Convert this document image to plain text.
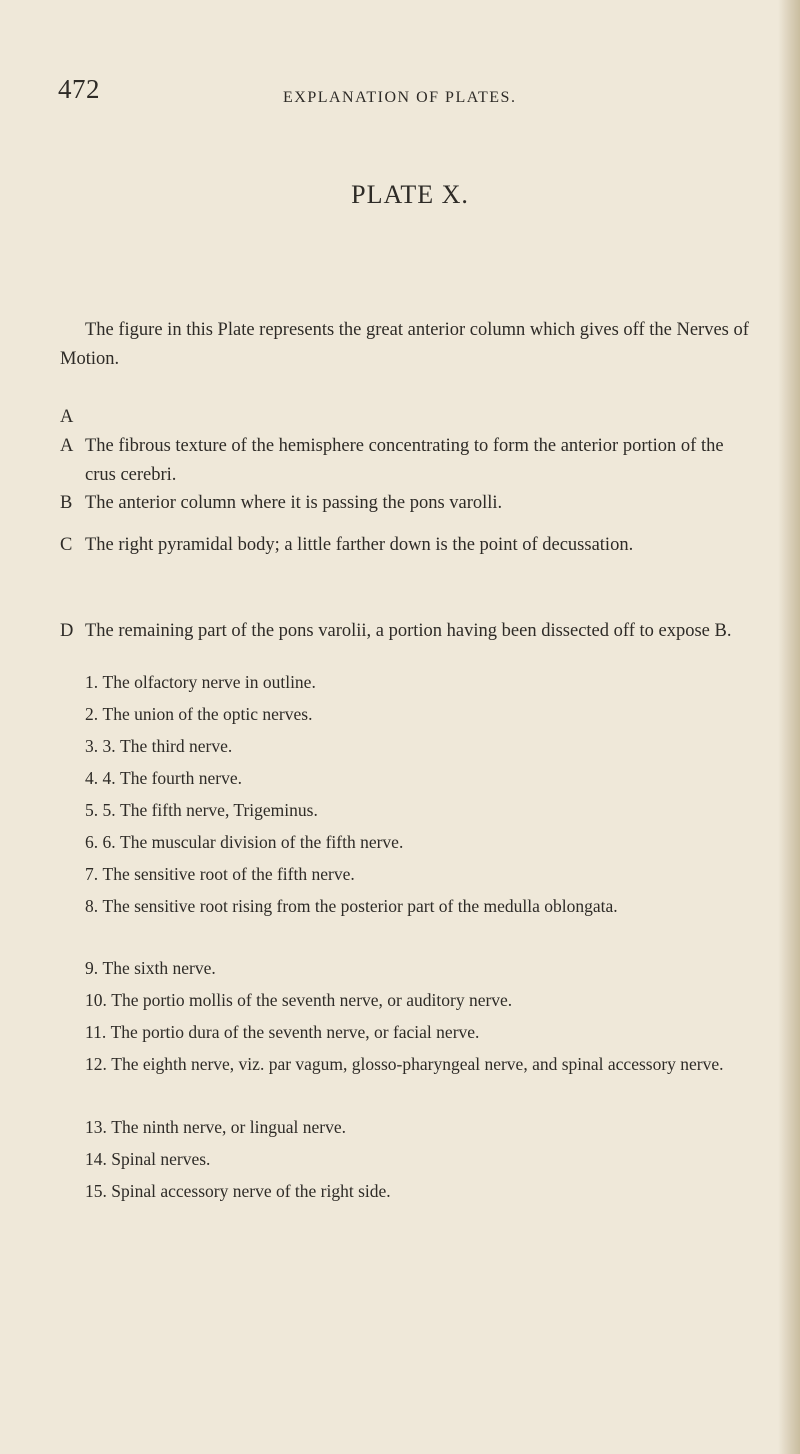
472	EXPLANATION OF PLATES.
PLATE X.

The figure in this Plate represents the great anterior column which gives off the Nerves of Motion.

A A The fibrous texture of the hemisphere concentrating to form the anterior portion of the crus cerebri.
B The anterior column where it is passing the pons varolli.
C The right pyramidal body; a little farther down is the point of decussation.
D The remaining part of the pons varolii, a portion having been dissected off to expose B.
1. The olfactory nerve in outline.
2. The union of the optic nerves.
3. 3. The third nerve.
4. 4. The fourth nerve.
5. 5. The fifth nerve, Trigeminus.
6. 6. The muscular division of the fifth nerve.
7. The sensitive root of the fifth nerve.
8. The sensitive root rising from the posterior part of the medulla oblongata.
9. The sixth nerve.
10. The portio mollis of the seventh nerve, or auditory nerve.
11. The portio dura of the seventh nerve, or facial nerve.
12. The eighth nerve, viz. par vagum, glosso-pharyngeal nerve, and spinal accessory nerve.
13. The ninth nerve, or lingual nerve.
14. Spinal nerves.
15. Spinal accessory nerve of the right side.
